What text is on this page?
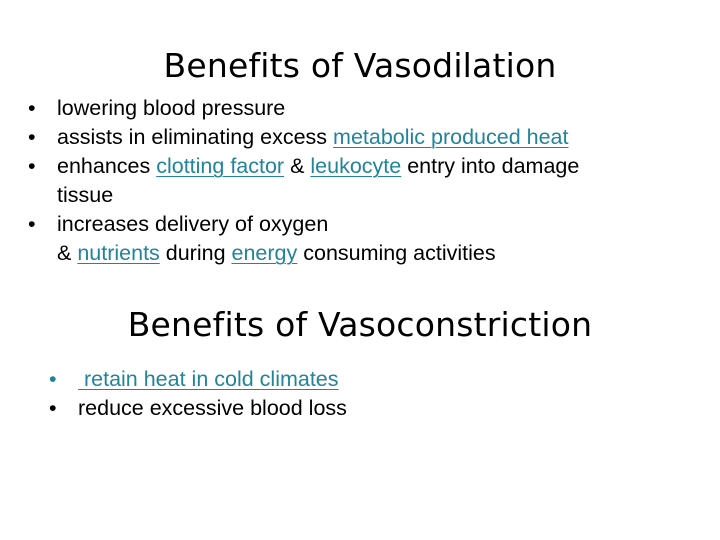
Benefits of Vasodilation
• lowering blood pressure
• assists in eliminating excess metabolic produced heat
• enhances clotting factor & leukocyte entry into damage
tissue
• increases delivery of oxygen
& nutrients during energy consuming activities
Benefits of Vasoconstriction
• retain heat in cold climates
• reduce excessive blood loss
